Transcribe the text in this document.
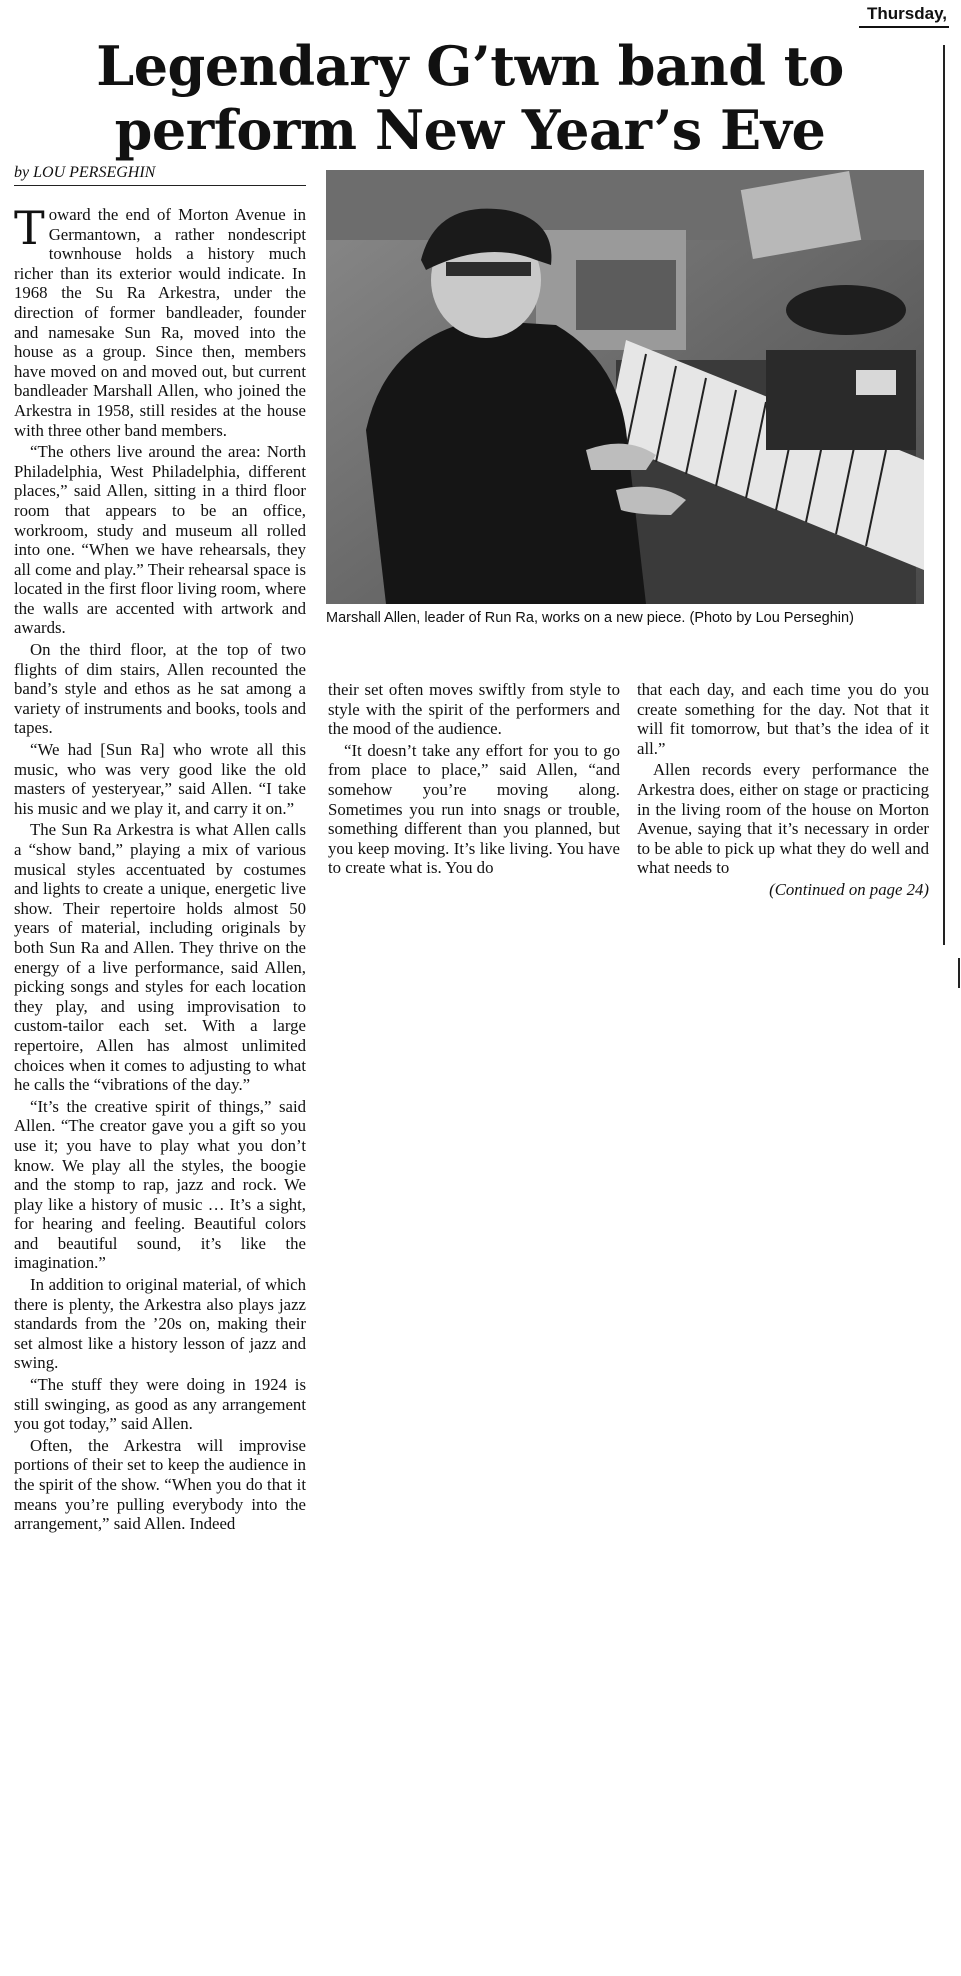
Thursday,
Legendary G’twn band to
perform New Year’s Eve
by LOU PERSEGHIN

Toward the end of Morton Avenue in Germantown, a rather nondescript townhouse holds a history much richer than its exterior would indicate. In 1968 the Su Ra Arkestra, under the direction of former bandleader, founder and namesake Sun Ra, moved into the house as a group. Since then, members have moved on and moved out, but current bandleader Marshall Allen, who joined the Arkestra in 1958, still resides at the house with three other band members.

“The others live around the area: North Philadelphia, West Philadelphia, different places,” said Allen, sitting in a third floor room that appears to be an office, workroom, study and museum all rolled into one. “When we have rehearsals, they all come and play.” Their rehearsal space is located in the first floor living room, where the walls are accented with artwork and awards.

On the third floor, at the top of two flights of dim stairs, Allen recounted the band’s style and ethos as he sat among a variety of instruments and books, tools and tapes.

“We had [Sun Ra] who wrote all this music, who was very good like the old masters of yesteryear,” said Allen. “I take his music and we play it, and carry it on.”

The Sun Ra Arkestra is what Allen calls a “show band,” playing a mix of various musical styles accentuated by costumes and lights to create a unique, energetic live show. Their repertoire holds almost 50 years of material, including originals by both Sun Ra and Allen. They thrive on the energy of a live performance, said Allen, picking songs and styles for each location they play, and using improvisation to custom-tailor each set. With a large repertoire, Allen has almost unlimited choices when it comes to adjusting to what he calls the “vibrations of the day.”

“It’s the creative spirit of things,” said Allen. “The creator gave you a gift so you use it; you have to play what you don’t know. We play all the styles, the boogie and the stomp to rap, jazz and rock. We play like a history of music … It’s a sight, for hearing and feeling. Beautiful colors and beautiful sound, it’s like the imagination.”

In addition to original material, of which there is plenty, the Arkestra also plays jazz standards from the ’20s on, making their set almost like a history lesson of jazz and swing.

“The stuff they were doing in 1924 is still swinging, as good as any arrangement you got today,” said Allen.

Often, the Arkestra will improvise portions of their set to keep the audience in the spirit of the show. “When you do that it means you’re pulling everybody into the arrangement,” said Allen. Indeed

Marshall Allen, leader of Run Ra, works on a new piece. (Photo by Lou Perseghin)

their set often moves swiftly from style to style with the spirit of the performers and the mood of the audience.

“It doesn’t take any effort for you to go from place to place,” said Allen, “and somehow you’re moving along. Sometimes you run into snags or trouble, something different than you planned, but you keep moving. It’s like living. You have to create what is. You do

that each day, and each time you do you create something for the day. Not that it will fit tomorrow, but that’s the idea of it all.”

Allen records every performance the Arkestra does, either on stage or practicing in the living room of the house on Morton Avenue, saying that it’s necessary in order to be able to pick up what they do well and what needs to

(Continued on page 24)
